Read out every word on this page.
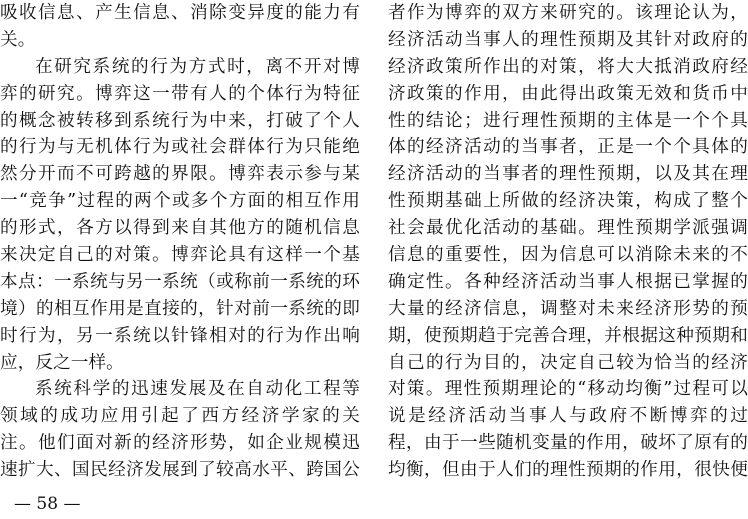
吸收信息、产生信息、消除变异度的能力有
关。
在研究系统的行为方式时，离不开对博
弈的研究。博弈这一带有人的个体行为特征
的概念被转移到系统行为中来，打破了个人
的行为与无机体行为或社会群体行为只能绝
然分开而不可跨越的界限。博弈表示参与某
一“竞争”过程的两个或多个方面的相互作用
的形式，各方以得到来自其他方的随机信息
来决定自己的对策。博弈论具有这样一个基
本点：一系统与另一系统（或称前一系统的环
境）的相互作用是直接的，针对前一系统的即
时行为，另一系统以针锋相对的行为作出响
应，反之一样。
系统科学的迅速发展及在自动化工程等
领域的成功应用引起了西方经济学家的关
注。他们面对新的经济形势，如企业规模迅
速扩大、国民经济发展到了较高水平、跨国公
者作为博弈的双方来研究的。该理论认为，
经济活动当事人的理性预期及其针对政府的
经济政策所作出的对策，将大大抵消政府经
济政策的作用，由此得出政策无效和货币中
性的结论；进行理性预期的主体是一个个具
体的经济活动的当事者，正是一个个具体的
经济活动的当事者的理性预期，以及其在理
性预期基础上所做的经济决策，构成了整个
社会最优化活动的基础。理性预期学派强调
信息的重要性，因为信息可以消除未来的不
确定性。各种经济活动当事人根据已掌握的
大量的经济信息，调整对未来经济形势的预
期，使预期趋于完善合理，并根据这种预期和
自己的行为目的，决定自己较为恰当的经济
对策。理性预期理论的“移动均衡”过程可以
说是经济活动当事人与政府不断博弈的过
程，由于一些随机变量的作用，破坏了原有的
均衡，但由于人们的理性预期的作用，很快便
— 58 —
